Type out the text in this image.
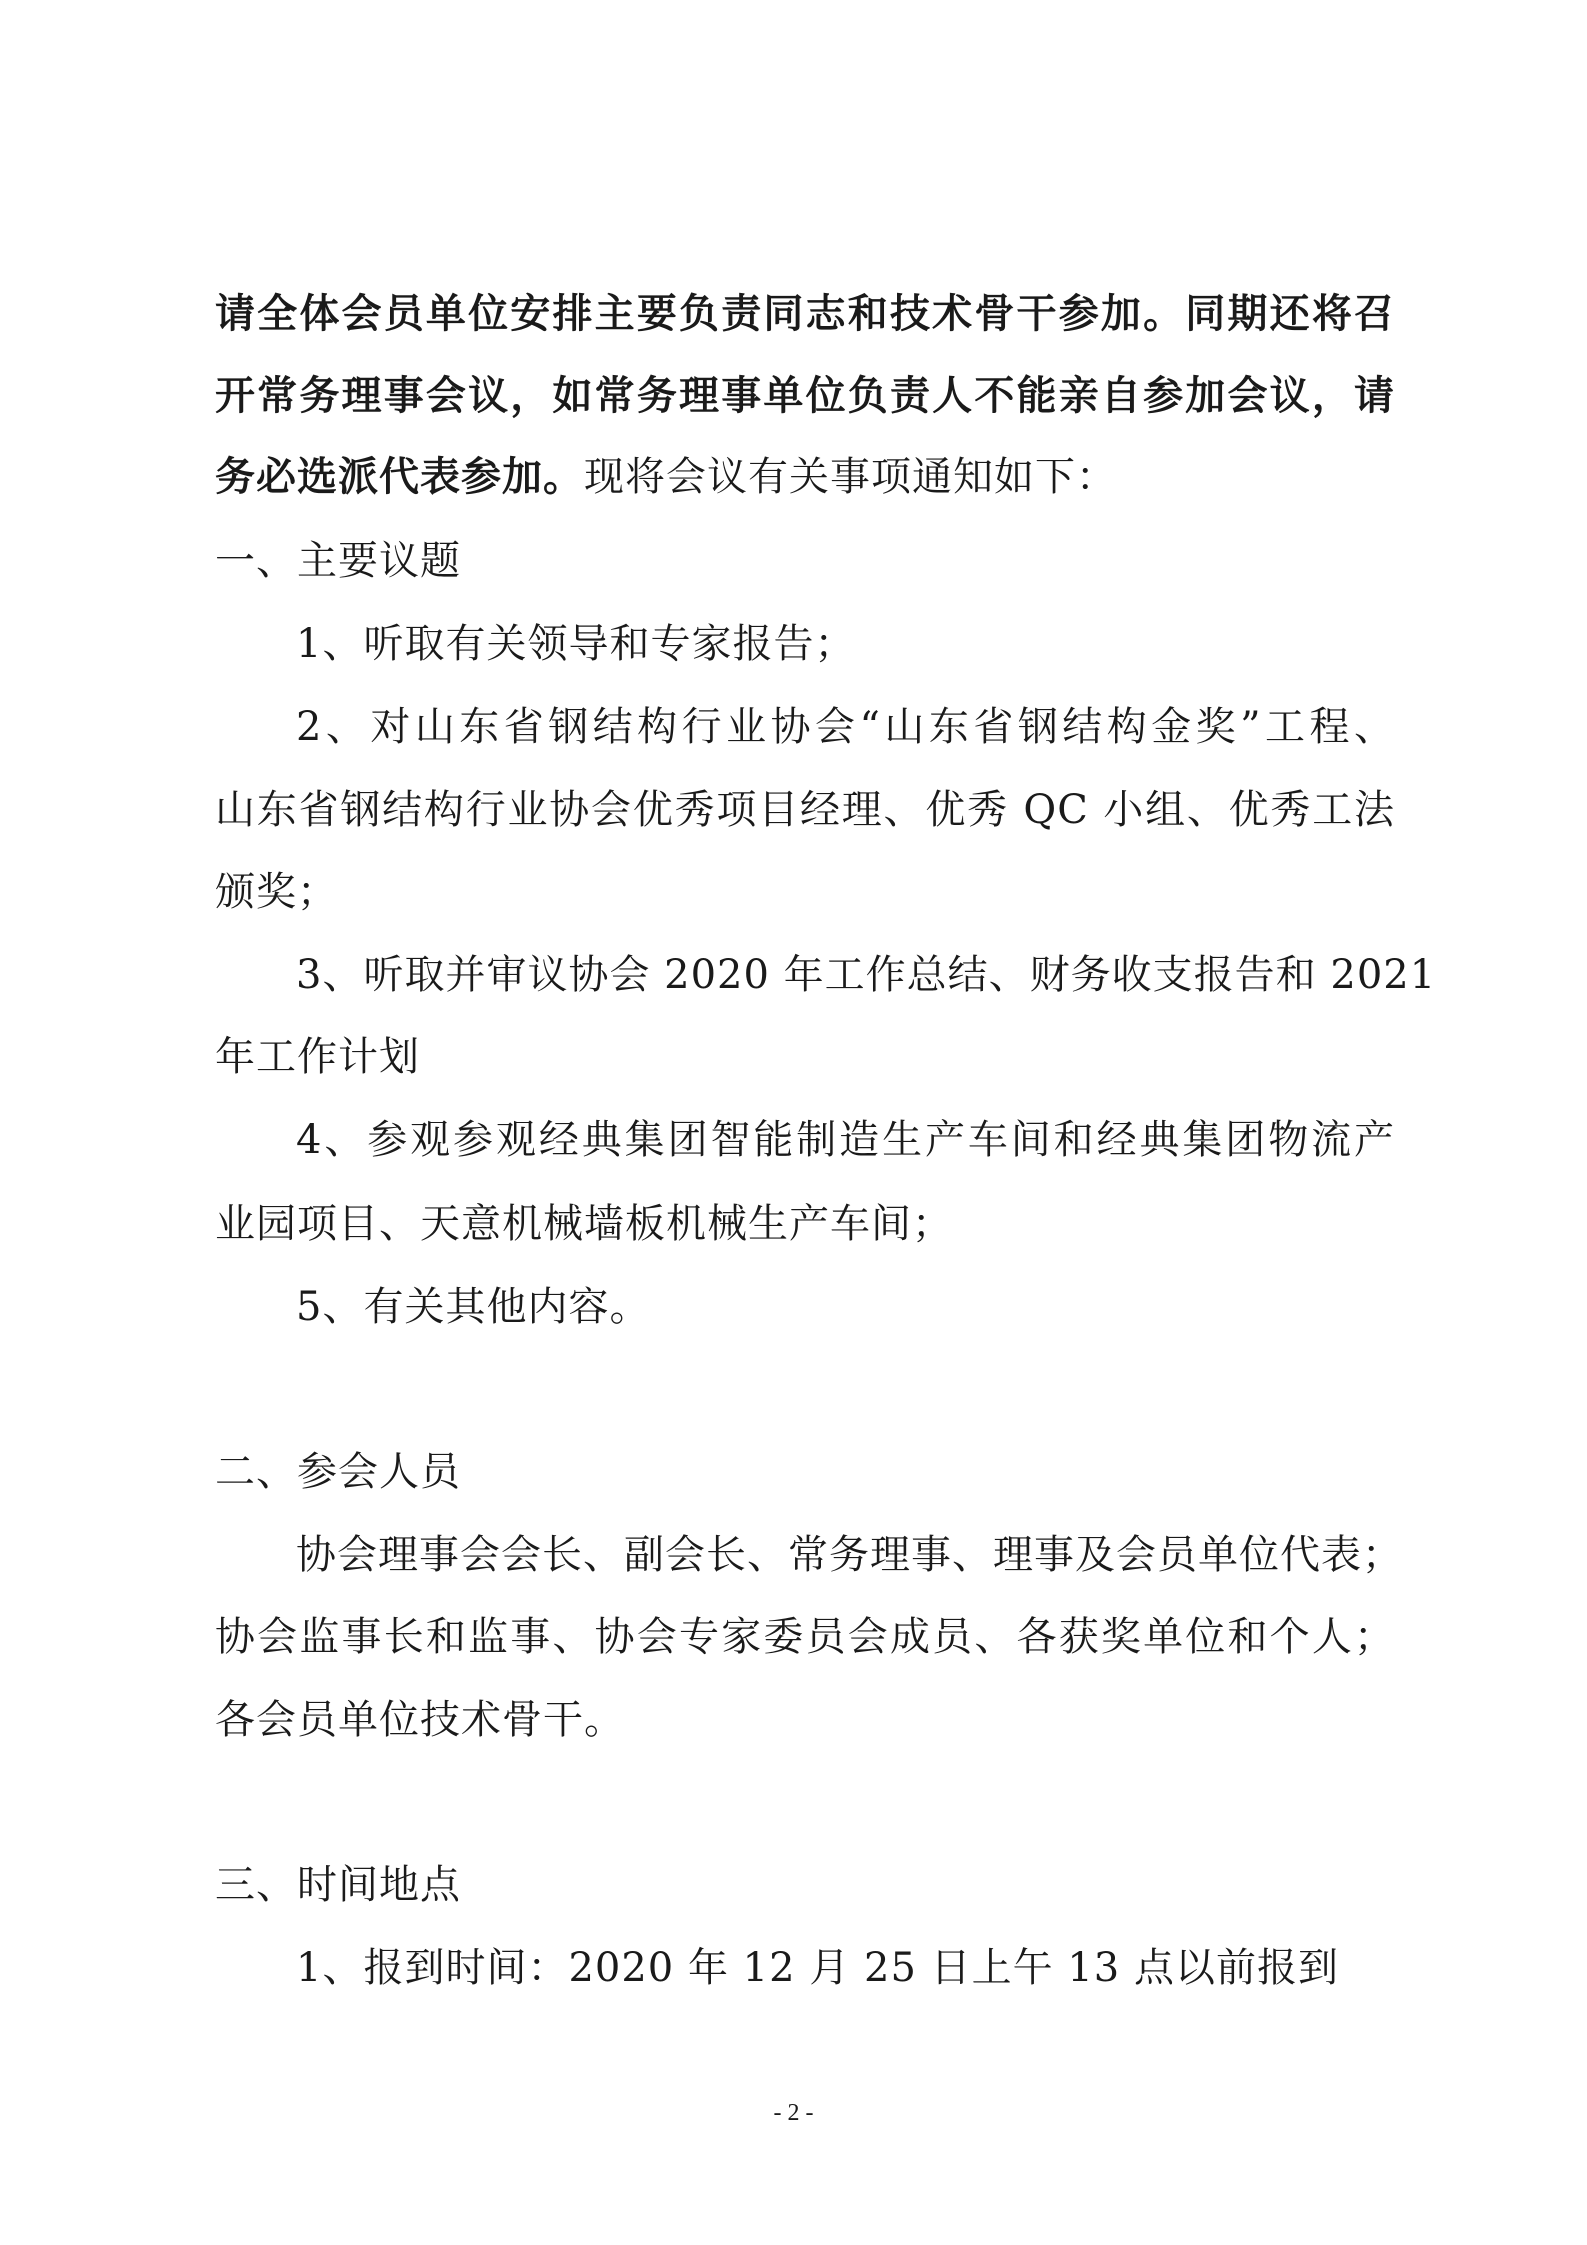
请全体会员单位安排主要负责同志和技术骨干参加。同期还将召
开常务理事会议，如常务理事单位负责人不能亲自参加会议，请
务必选派代表参加。现将会议有关事项通知如下：
一、主要议题
1、听取有关领导和专家报告；
2、对山东省钢结构行业协会“山东省钢结构金奖”工程、
山东省钢结构行业协会优秀项目经理、优秀 QC 小组、优秀工法
颁奖；
3、听取并审议协会 2020 年工作总结、财务收支报告和 2021
年工作计划
4、参观参观经典集团智能制造生产车间和经典集团物流产
业园项目、天意机械墙板机械生产车间；
5、有关其他内容。
二、参会人员
协会理事会会长、副会长、常务理事、理事及会员单位代表；
协会监事长和监事、协会专家委员会成员、各获奖单位和个人；
各会员单位技术骨干。
三、时间地点
1、报到时间：2020 年 12 月 25 日上午 13 点以前报到
- 2 -
